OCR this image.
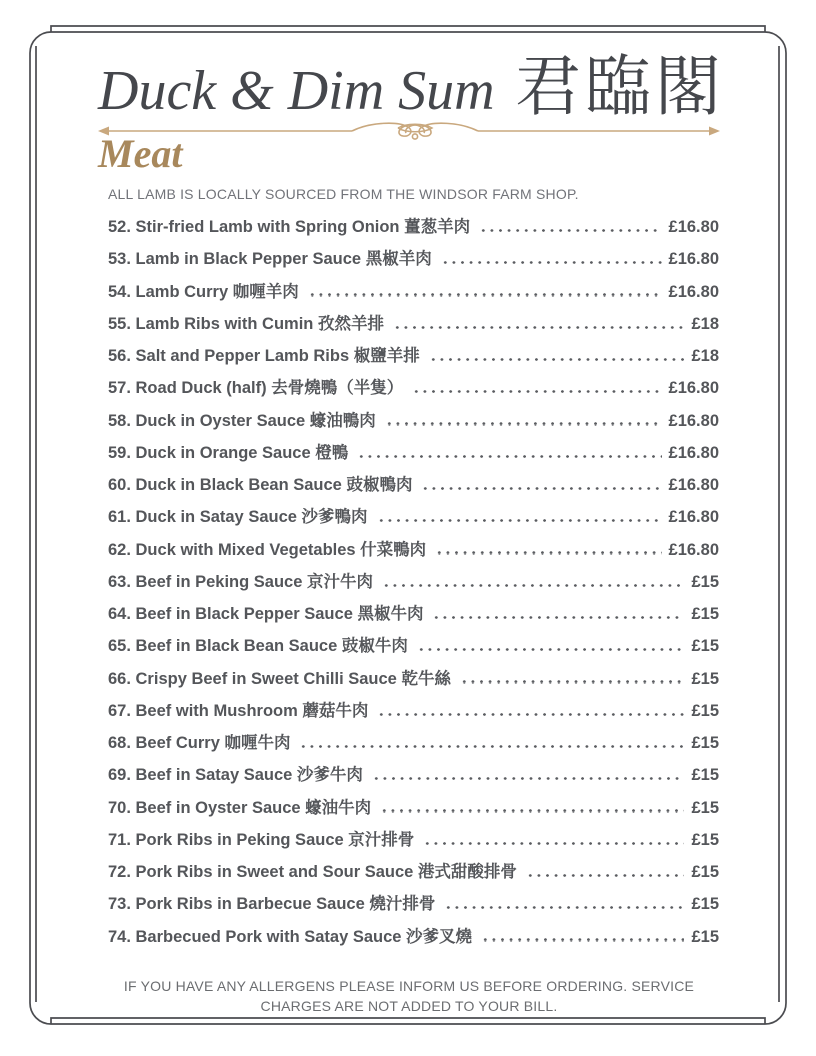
Duck & Dim Sum 君臨閣
Meat
ALL LAMB IS LOCALLY SOURCED FROM THE WINDSOR FARM SHOP.
52. Stir-fried Lamb with Spring Onion 薑葱羊肉	£16.80
53. Lamb in Black Pepper Sauce 黑椒羊肉	£16.80
54. Lamb Curry 咖喱羊肉	£16.80
55. Lamb Ribs with Cumin 孜然羊排	£18
56. Salt and Pepper Lamb Ribs 椒鹽羊排	£18
57. Road Duck (half) 去骨燒鴨（半隻）	£16.80
58. Duck in Oyster Sauce 蠔油鴨肉	£16.80
59. Duck in Orange Sauce 橙鴨	£16.80
60. Duck in Black Bean Sauce 豉椒鴨肉	£16.80
61. Duck in Satay Sauce 沙爹鴨肉	£16.80
62. Duck with Mixed Vegetables 什菜鴨肉	£16.80
63. Beef in Peking Sauce 京汁牛肉	£15
64. Beef in Black Pepper Sauce 黑椒牛肉	£15
65. Beef in Black Bean Sauce 豉椒牛肉	£15
66. Crispy Beef in Sweet Chilli Sauce 乾牛絲	£15
67. Beef with Mushroom 蘑菇牛肉	£15
68. Beef Curry 咖喱牛肉	£15
69. Beef in Satay Sauce 沙爹牛肉	£15
70. Beef in Oyster Sauce 蠔油牛肉	£15
71. Pork Ribs in Peking Sauce 京汁排骨	£15
72. Pork Ribs in Sweet and Sour Sauce 港式甜酸排骨	£15
73. Pork Ribs in Barbecue Sauce 燒汁排骨	£15
74. Barbecued Pork with Satay Sauce 沙爹叉燒	£15
IF YOU HAVE ANY ALLERGENS PLEASE INFORM US BEFORE ORDERING. SERVICE
CHARGES ARE NOT ADDED TO YOUR BILL.
